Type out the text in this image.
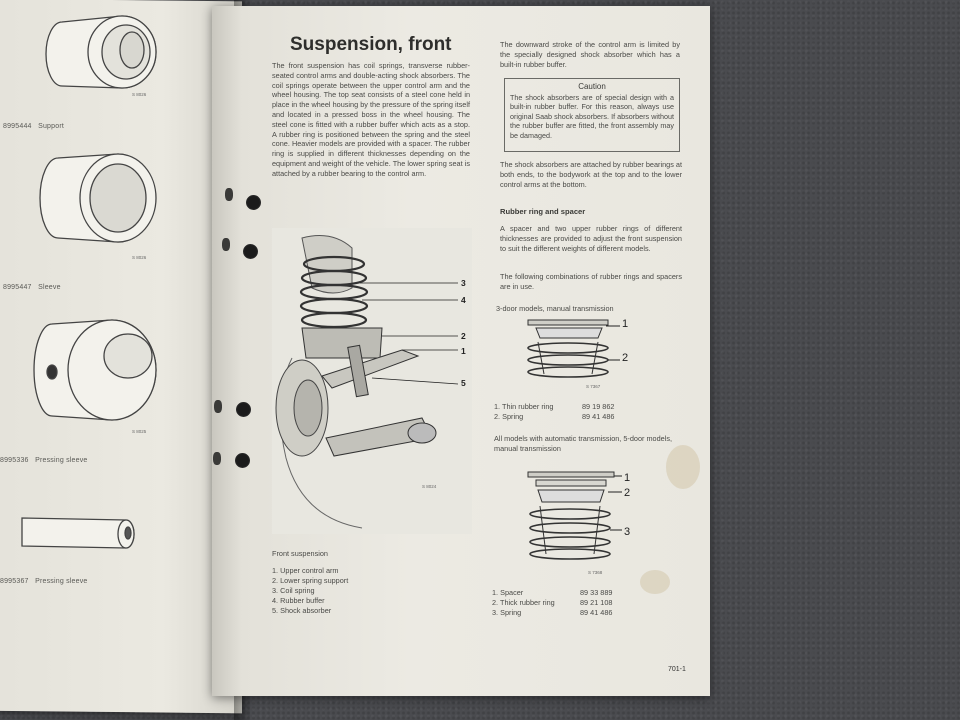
S 8026
8995444 Support
S 8026
8995447 Sleeve
S 8025
8995336 Pressing sleeve
8995367 Pressing sleeve
Suspension, front

The front suspension has coil springs, transverse rubber-seated control arms and double-acting shock absorbers. The coil springs operate between the upper control arm and the wheel housing. The top seat consists of a steel cone held in place in the wheel housing by the pressure of the spring itself and located in a pressed boss in the wheel housing. The steel cone is fitted with a rubber buffer which acts as a stop. A rubber ring is positioned between the spring and the steel cone. Heavier models are provided with a spacer. The rubber ring is supplied in different thicknesses depending on the equipment and weight of the vehicle. The lower spring seat is attached by a rubber bearing to the control arm.

S 8024
3
4
2
1
5
Front suspension
1. Upper control arm
2. Lower spring support
3. Coil spring
4. Rubber buffer
5. Shock absorber

The downward stroke of the control arm is limited by the specially designed shock absorber which has a built-in rubber buffer.

Caution
The shock absorbers are of special design with a built-in rubber buffer. For this reason, always use original Saab shock absorbers. If absorbers without the rubber buffer are fitted, the front assembly may be damaged.

The shock absorbers are attached by rubber bearings at both ends, to the bodywork at the top and to the lower control arms at the bottom.

Rubber ring and spacer

A spacer and two upper rubber rings of different thicknesses are provided to adjust the front suspension to suit the different weights of different models.

The following combinations of rubber rings and spacers are in use.

3-door models, manual transmission
S 7367
1
2
1. Thin rubber ring	89 19 862
2. Spring	89 41 486
All models with automatic transmission, 5-door models, manual transmission
S 7368
1
2
3
1. Spacer	89 33 889
2. Thick rubber ring	89 21 108
3. Spring	89 41 486
701-1
